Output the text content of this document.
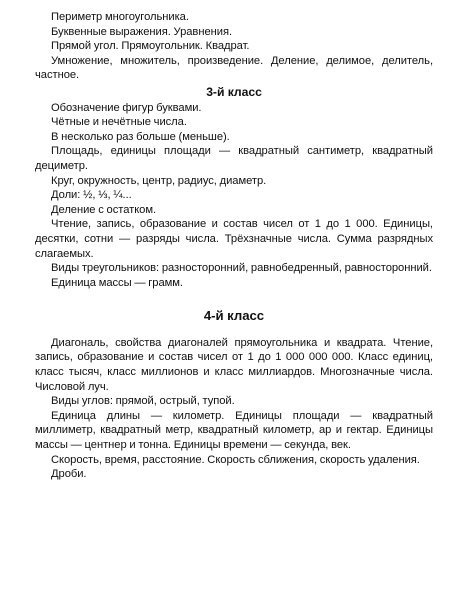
Периметр многоугольника.

Буквенные выражения. Уравнения.

Прямой угол. Прямоугольник. Квадрат.

Умножение, множитель, произведение. Деление, делимое, делитель, частное.

3-й класс

Обозначение фигур буквами.

Чётные и нечётные числа.

В несколько раз больше (меньше).

Площадь, единицы площади — квадратный сантиметр, квадратный дециметр.

Круг, окружность, центр, радиус, диаметр.

Доли: ½, ⅓, ¼...

Деление с остатком.

Чтение, запись, образование и состав чисел от 1 до 1 000. Единицы, десятки, сотни — разряды числа. Трёхзначные числа. Сумма разрядных слагаемых.

Виды треугольников: разносторонний, равнобедренный, равносторонний.

Единица массы — грамм.

4-й класс

Диагональ, свойства диагоналей прямоугольника и квадрата. Чтение, запись, образование и состав чисел от 1 до 1 000 000 000. Класс единиц, класс тысяч, класс миллионов и класс миллиардов. Многозначные числа. Числовой луч.

Виды углов: прямой, острый, тупой.

Единица длины — километр. Единицы площади — квадратный миллиметр, квадратный метр, квадратный километр, ар и гектар. Единицы массы — центнер и тонна. Единицы времени — секунда, век.

Скорость, время, расстояние. Скорость сближения, скорость удаления.

Дроби.
